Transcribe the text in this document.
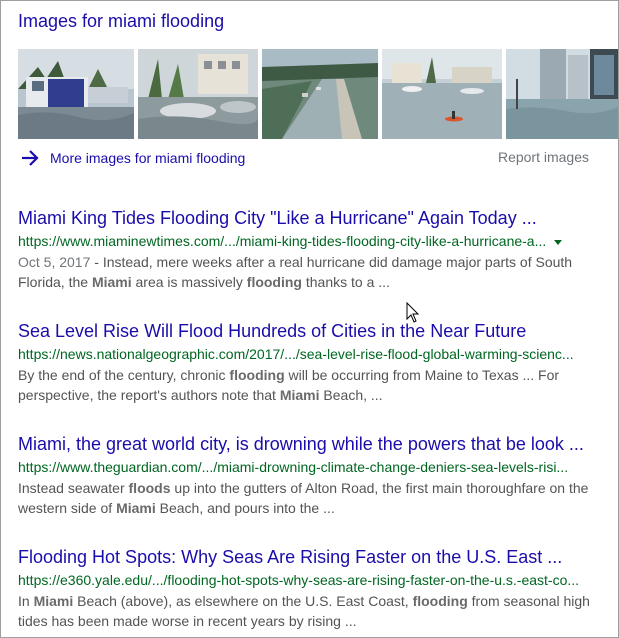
Images for miami flooding
More images for miami flooding	Report images
Miami King Tides Flooding City "Like a Hurricane" Again Today ...
https://www.miaminewtimes.com/.../miami-king-tides-flooding-city-like-a-hurricane-a...
Oct 5, 2017 - Instead, mere weeks after a real hurricane did damage major parts of South Florida, the Miami area is massively flooding thanks to a ...
Sea Level Rise Will Flood Hundreds of Cities in the Near Future
https://news.nationalgeographic.com/2017/.../sea-level-rise-flood-global-warming-scienc...
By the end of the century, chronic flooding will be occurring from Maine to Texas ... For perspective, the report's authors note that Miami Beach, ...
Miami, the great world city, is drowning while the powers that be look ...
https://www.theguardian.com/.../miami-drowning-climate-change-deniers-sea-levels-risi...
Instead seawater floods up into the gutters of Alton Road, the first main thoroughfare on the western side of Miami Beach, and pours into the ...
Flooding Hot Spots: Why Seas Are Rising Faster on the U.S. East ...
https://e360.yale.edu/.../flooding-hot-spots-why-seas-are-rising-faster-on-the-u.s.-east-co...
In Miami Beach (above), as elsewhere on the U.S. East Coast, flooding from seasonal high tides has been made worse in recent years by rising ...
